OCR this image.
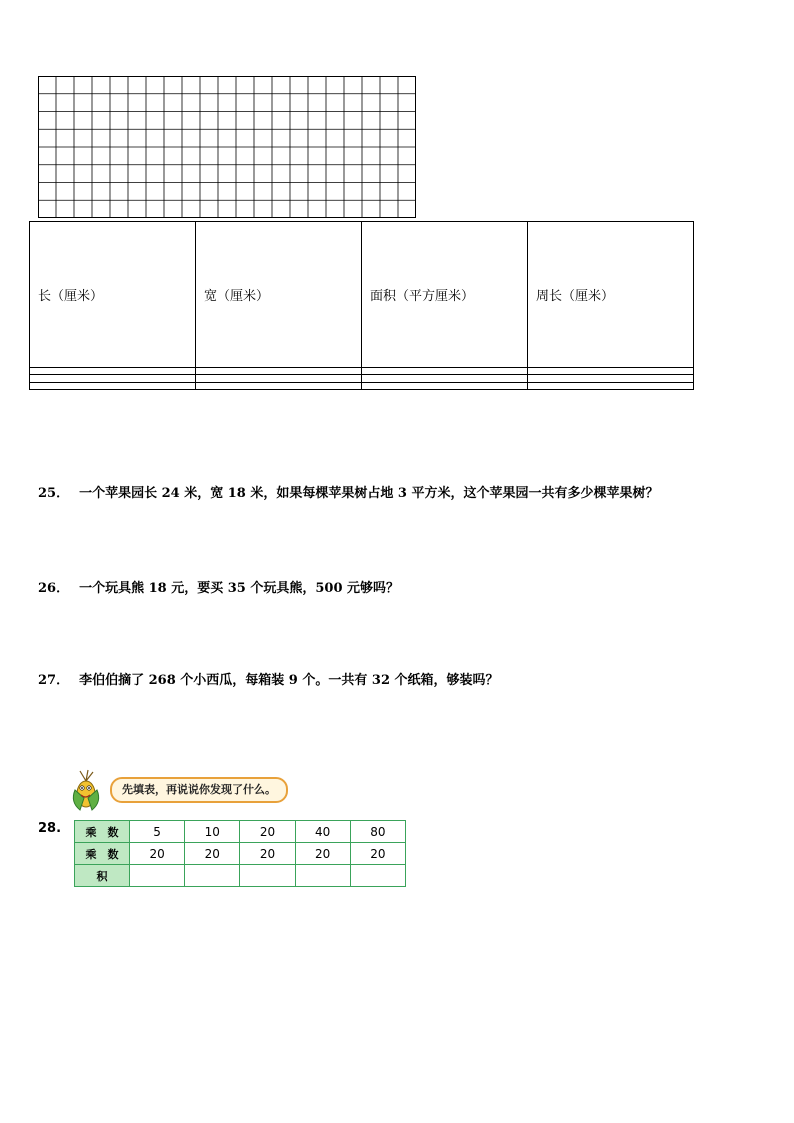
长（厘米）	宽（厘米）	面积（平方厘米）	周长（厘米）

25． 一个苹果园长 24 米，宽 18 米，如果每棵苹果树占地 3 平方米，这个苹果园一共有多少棵苹果树？
26． 一个玩具熊 18 元，要买 35 个玩具熊，500 元够吗？
27． 李伯伯摘了 268 个小西瓜，每箱装 9 个。一共有 32 个纸箱，够装吗？
先填表，再说说你发现了什么。
28. 乘　数	5	10	20	40	80
乘　数	20	20	20	20	20
积					
